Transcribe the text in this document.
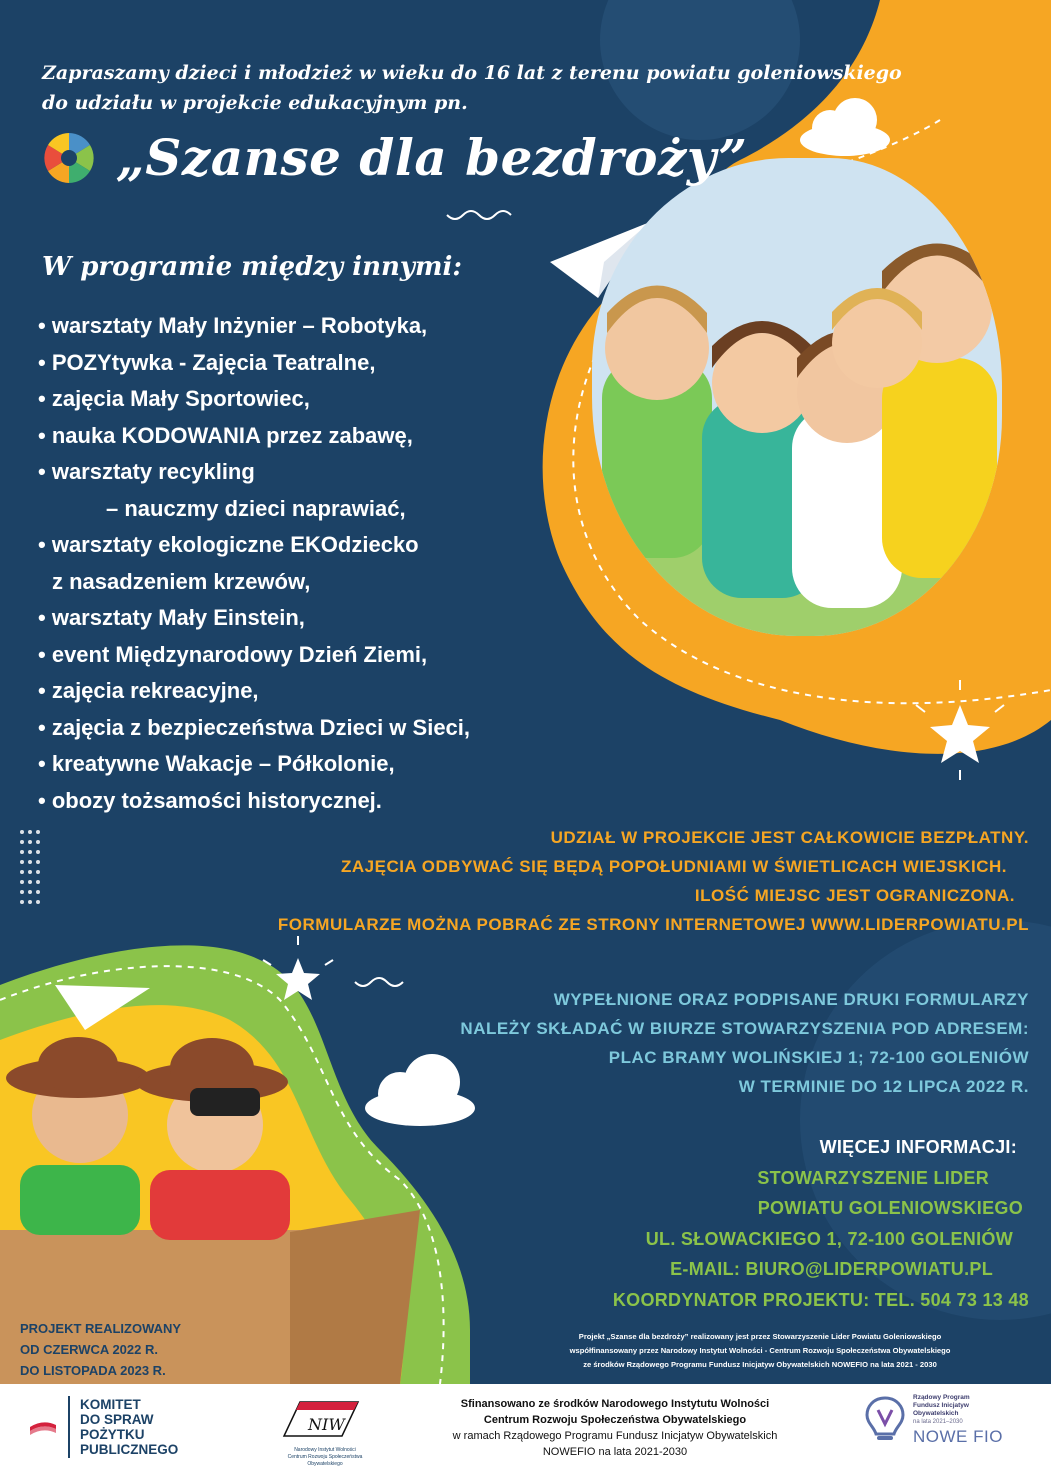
Zapraszamy dzieci i młodzież w wieku do 16 lat z terenu powiatu goleniowskiego
do udziału w projekcie edukacyjnym pn.
„Szanse dla bezdroży”
W programie między innymi:
• warsztaty Mały Inżynier – Robotyka,
• POZYtywka - Zajęcia Teatralne,
• zajęcia Mały Sportowiec,
• nauka KODOWANIA przez zabawę,
• warsztaty recykling
– nauczmy dzieci naprawiać,
• warsztaty ekologiczne EKOdziecko
z nasadzeniem krzewów,
• warsztaty Mały Einstein,
• event Międzynarodowy Dzień Ziemi,
• zajęcia rekreacyjne,
• zajęcia z bezpieczeństwa Dzieci w Sieci,
• kreatywne Wakacje – Półkolonie,
• obozy tożsamości historycznej.
UDZIAŁ W PROJEKCIE JEST CAŁKOWICIE BEZPŁATNY.
ZAJĘCIA ODBYWAĆ SIĘ BĘDĄ POPOŁUDNIAMI W ŚWIETLICACH WIEJSKICH.
ILOŚĆ MIEJSC JEST OGRANICZONA.
FORMULARZE MOŻNA POBRAĆ ZE STRONY INTERNETOWEJ WWW.LIDERPOWIATU.PL
WYPEŁNIONE ORAZ PODPISANE DRUKI FORMULARZY
NALEŻY SKŁADAĆ W BIURZE STOWARZYSZENIA POD ADRESEM:
PLAC BRAMY WOLIŃSKIEJ 1; 72-100 GOLENIÓW
W TERMINIE DO 12 LIPCA 2022 R.
WIĘCEJ INFORMACJI:
STOWARZYSZENIE LIDER
POWIATU GOLENIOWSKIEGO
UL. SŁOWACKIEGO 1, 72-100 GOLENIÓW
E-MAIL: BIURO@LIDERPOWIATU.PL
KOORDYNATOR PROJEKTU: TEL. 504 73 13 48
PROJEKT REALIZOWANY
OD CZERWCA 2022 R.
DO LISTOPADA 2023 R.
Projekt „Szanse dla bezdroży” realizowany jest przez Stowarzyszenie Lider Powiatu Goleniowskiego
współfinansowany przez Narodowy Instytut Wolności - Centrum Rozwoju Społeczeństwa Obywatelskiego
ze środków Rządowego Programu Fundusz Inicjatyw Obywatelskich NOWEFIO na lata 2021 - 2030
KOMITET
DO SPRAW
POŻYTKU
PUBLICZNEGO
NIW
Narodowy Instytut Wolności
Centrum Rozwoju Społeczeństwa Obywatelskiego
Sfinansowano ze środków Narodowego Instytutu Wolności
Centrum Rozwoju Społeczeństwa Obywatelskiego
w ramach Rządowego Programu Fundusz Inicjatyw Obywatelskich
NOWEFIO na lata 2021-2030
Rządowy Program
Fundusz Inicjatyw
Obywatelskich
na lata 2021–2030
NOWE FIO
